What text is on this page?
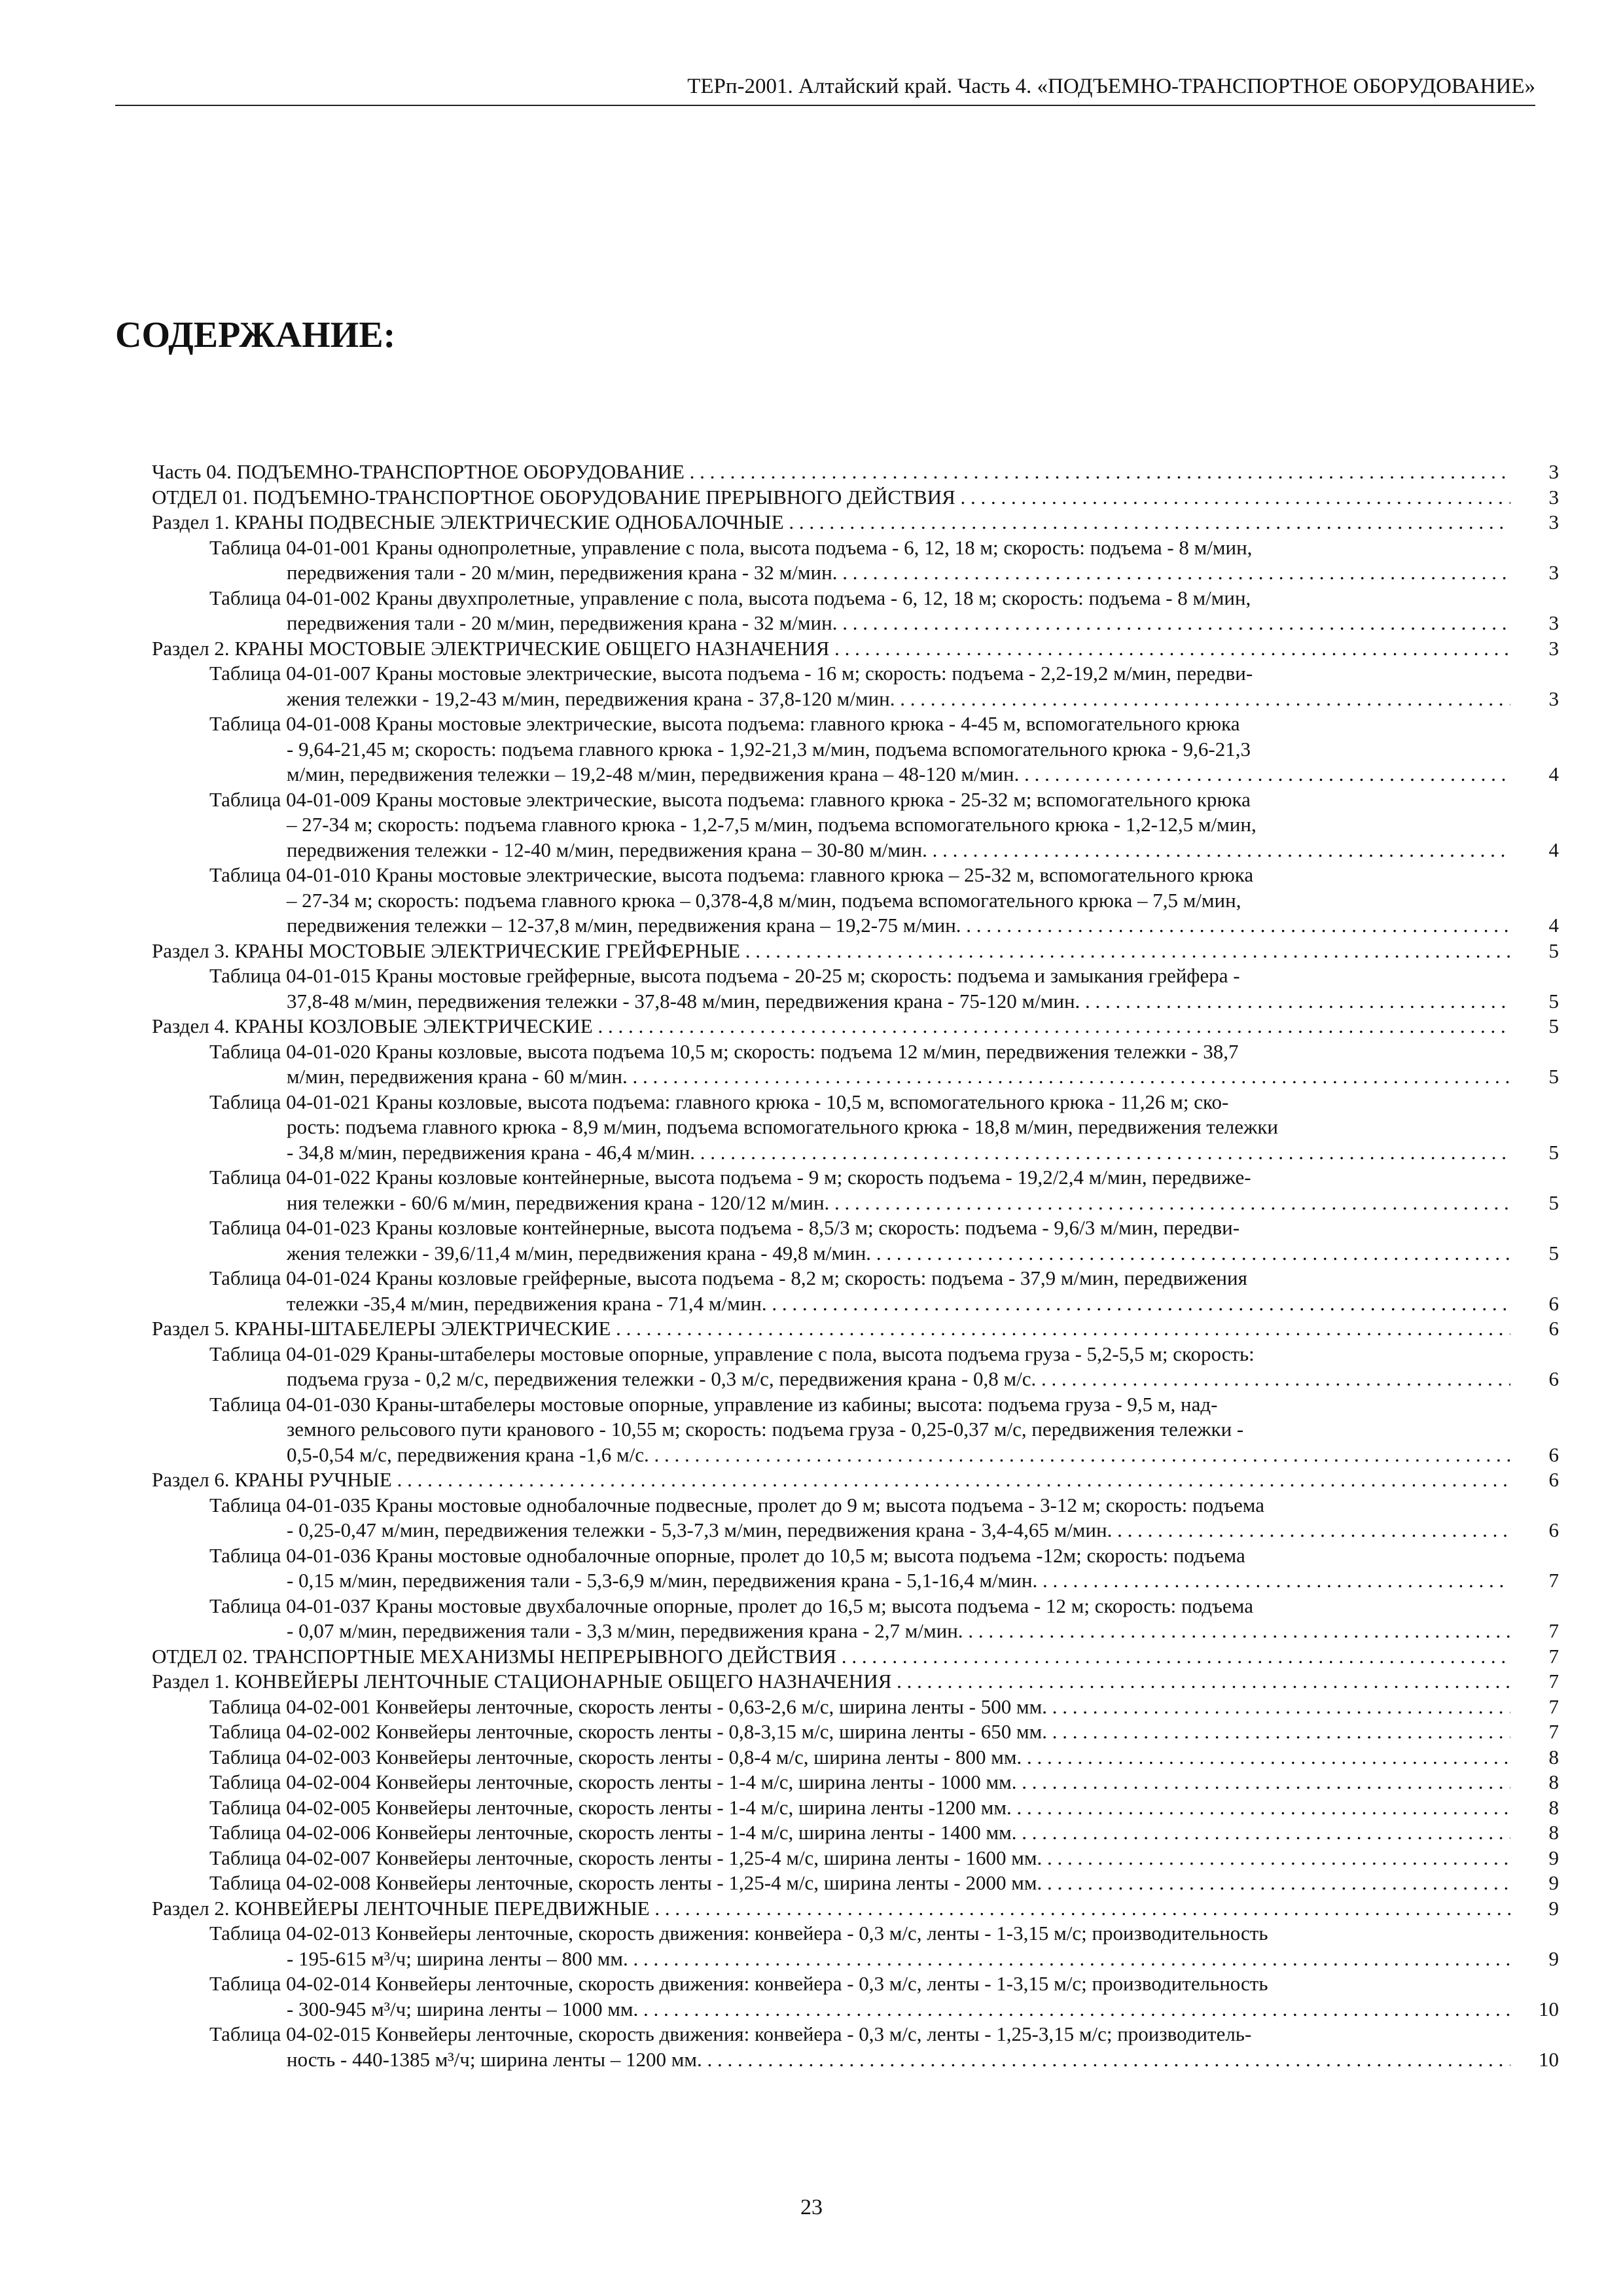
ТЕРп-2001. Алтайский край. Часть 4. «ПОДЪЕМНО-ТРАНСПОРТНОЕ ОБОРУДОВАНИЕ»
СОДЕРЖАНИЕ:
Часть 04. ПОДЪЕМНО-ТРАНСПОРТНОЕ ОБОРУДОВАНИЕ . . .	3
ОТДЕЛ 01. ПОДЪЕМНО-ТРАНСПОРТНОЕ ОБОРУДОВАНИЕ ПРЕРЫВНОГО ДЕЙСТВИЯ . . .	3
Раздел 1. КРАНЫ ПОДВЕСНЫЕ ЭЛЕКТРИЧЕСКИЕ ОДНОБАЛОЧНЫЕ . . .	3
Таблица 04-01-001 Краны однопролетные, управление с пола, высота подъема - 6, 12, 18 м; скорость: подъема - 8 м/мин,
передвижения тали - 20 м/мин, передвижения крана - 32 м/мин. . . .	3
Таблица 04-01-002 Краны двухпролетные, управление с пола, высота подъема - 6, 12, 18 м; скорость: подъема - 8 м/мин,
передвижения тали - 20 м/мин, передвижения крана - 32 м/мин. . . .	3
Раздел 2. КРАНЫ МОСТОВЫЕ ЭЛЕКТРИЧЕСКИЕ ОБЩЕГО НАЗНАЧЕНИЯ . . .	3
Таблица 04-01-007 Краны мостовые электрические, высота подъема - 16 м; скорость: подъема - 2,2-19,2 м/мин, передви-
жения тележки - 19,2-43 м/мин, передвижения крана - 37,8-120 м/мин. . . .	3
Таблица 04-01-008 Краны мостовые электрические, высота подъема: главного крюка - 4-45 м, вспомогательного крюка
- 9,64-21,45 м; скорость: подъема главного крюка - 1,92-21,3 м/мин, подъема вспомогательного крюка - 9,6-21,3
м/мин, передвижения тележки – 19,2-48 м/мин, передвижения крана – 48-120 м/мин. . . .	4
Таблица 04-01-009 Краны мостовые электрические, высота подъема: главного крюка - 25-32 м; вспомогательного крюка
– 27-34 м; скорость: подъема главного крюка - 1,2-7,5 м/мин, подъема вспомогательного крюка - 1,2-12,5 м/мин,
передвижения тележки - 12-40 м/мин, передвижения крана – 30-80 м/мин. . . .	4
Таблица 04-01-010 Краны мостовые электрические, высота подъема: главного крюка – 25-32 м, вспомогательного крюка
– 27-34 м; скорость: подъема главного крюка – 0,378-4,8 м/мин, подъема вспомогательного крюка – 7,5 м/мин,
передвижения тележки – 12-37,8 м/мин, передвижения крана – 19,2-75 м/мин. . . .	4
Раздел 3. КРАНЫ МОСТОВЫЕ ЭЛЕКТРИЧЕСКИЕ ГРЕЙФЕРНЫЕ . . .	5
Таблица 04-01-015 Краны мостовые грейферные, высота подъема - 20-25 м; скорость: подъема и замыкания грейфера -
37,8-48 м/мин, передвижения тележки - 37,8-48 м/мин, передвижения крана - 75-120 м/мин. . . .	5
Раздел 4. КРАНЫ КОЗЛОВЫЕ ЭЛЕКТРИЧЕСКИЕ . . .	5
Таблица 04-01-020 Краны козловые, высота подъема 10,5 м; скорость: подъема 12 м/мин, передвижения тележки - 38,7
м/мин, передвижения крана - 60 м/мин. . . .	5
Таблица 04-01-021 Краны козловые, высота подъема: главного крюка - 10,5 м, вспомогательного крюка - 11,26 м; ско-
рость: подъема главного крюка - 8,9 м/мин, подъема вспомогательного крюка - 18,8 м/мин, передвижения тележки
- 34,8 м/мин, передвижения крана - 46,4 м/мин. . . .	5
Таблица 04-01-022 Краны козловые контейнерные, высота подъема - 9 м; скорость подъема - 19,2/2,4 м/мин, передвиже-
ния тележки - 60/6 м/мин, передвижения крана - 120/12 м/мин. . . .	5
Таблица 04-01-023 Краны козловые контейнерные, высота подъема - 8,5/3 м; скорость: подъема - 9,6/3 м/мин, передви-
жения тележки - 39,6/11,4 м/мин, передвижения крана - 49,8 м/мин. . . .	5
Таблица 04-01-024 Краны козловые грейферные, высота подъема - 8,2 м; скорость: подъема - 37,9 м/мин, передвижения
тележки -35,4 м/мин, передвижения крана - 71,4 м/мин. . . .	6
Раздел 5. КРАНЫ-ШТАБЕЛЕРЫ ЭЛЕКТРИЧЕСКИЕ . . .	6
Таблица 04-01-029 Краны-штабелеры мостовые опорные, управление с пола, высота подъема груза - 5,2-5,5 м; скорость:
подъема груза - 0,2 м/с, передвижения тележки - 0,3 м/с, передвижения крана - 0,8 м/с. . . .	6
Таблица 04-01-030 Краны-штабелеры мостовые опорные, управление из кабины; высота: подъема груза - 9,5 м, над-
земного рельсового пути кранового - 10,55 м; скорость: подъема груза - 0,25-0,37 м/с, передвижения тележки -
0,5-0,54 м/с, передвижения крана -1,6 м/с. . . .	6
Раздел 6. КРАНЫ РУЧНЫЕ . . .	6
Таблица 04-01-035 Краны мостовые однобалочные подвесные, пролет до 9 м; высота подъема - 3-12 м; скорость: подъема
- 0,25-0,47 м/мин, передвижения тележки - 5,3-7,3 м/мин, передвижения крана - 3,4-4,65 м/мин. . . .	6
Таблица 04-01-036 Краны мостовые однобалочные опорные, пролет до 10,5 м; высота подъема -12м; скорость: подъема
- 0,15 м/мин, передвижения тали - 5,3-6,9 м/мин, передвижения крана - 5,1-16,4 м/мин. . . .	7
Таблица 04-01-037 Краны мостовые двухбалочные опорные, пролет до 16,5 м; высота подъема - 12 м; скорость: подъема
- 0,07 м/мин, передвижения тали - 3,3 м/мин, передвижения крана - 2,7 м/мин. . . .	7
ОТДЕЛ 02. ТРАНСПОРТНЫЕ МЕХАНИЗМЫ НЕПРЕРЫВНОГО ДЕЙСТВИЯ . . .	7
Раздел 1. КОНВЕЙЕРЫ ЛЕНТОЧНЫЕ СТАЦИОНАРНЫЕ ОБЩЕГО НАЗНАЧЕНИЯ . . .	7
Таблица 04-02-001 Конвейеры ленточные, скорость ленты - 0,63-2,6 м/с, ширина ленты - 500 мм. . . .	7
Таблица 04-02-002 Конвейеры ленточные, скорость ленты - 0,8-3,15 м/с, ширина ленты - 650 мм. . . .	7
Таблица 04-02-003 Конвейеры ленточные, скорость ленты - 0,8-4 м/с, ширина ленты - 800 мм. . . .	8
Таблица 04-02-004 Конвейеры ленточные, скорость ленты - 1-4 м/с, ширина ленты - 1000 мм. . . .	8
Таблица 04-02-005 Конвейеры ленточные, скорость ленты - 1-4 м/с, ширина ленты -1200 мм. . . .	8
Таблица 04-02-006 Конвейеры ленточные, скорость ленты - 1-4 м/с, ширина ленты - 1400 мм. . . .	8
Таблица 04-02-007 Конвейеры ленточные, скорость ленты - 1,25-4 м/с, ширина ленты - 1600 мм. . . .	9
Таблица 04-02-008 Конвейеры ленточные, скорость ленты - 1,25-4 м/с, ширина ленты - 2000 мм. . . .	9
Раздел 2. КОНВЕЙЕРЫ ЛЕНТОЧНЫЕ ПЕРЕДВИЖНЫЕ . . .	9
Таблица 04-02-013 Конвейеры ленточные, скорость движения: конвейера - 0,3 м/с, ленты - 1-3,15 м/с; производительность
- 195-615 м³/ч; ширина ленты – 800 мм. . . .	9
Таблица 04-02-014 Конвейеры ленточные, скорость движения: конвейера - 0,3 м/с, ленты - 1-3,15 м/с; производительность
- 300-945 м³/ч; ширина ленты – 1000 мм. . . .	10
Таблица 04-02-015 Конвейеры ленточные, скорость движения: конвейера - 0,3 м/с, ленты - 1,25-3,15 м/с; производитель-
ность - 440-1385 м³/ч; ширина ленты – 1200 мм. . . .	10
23
